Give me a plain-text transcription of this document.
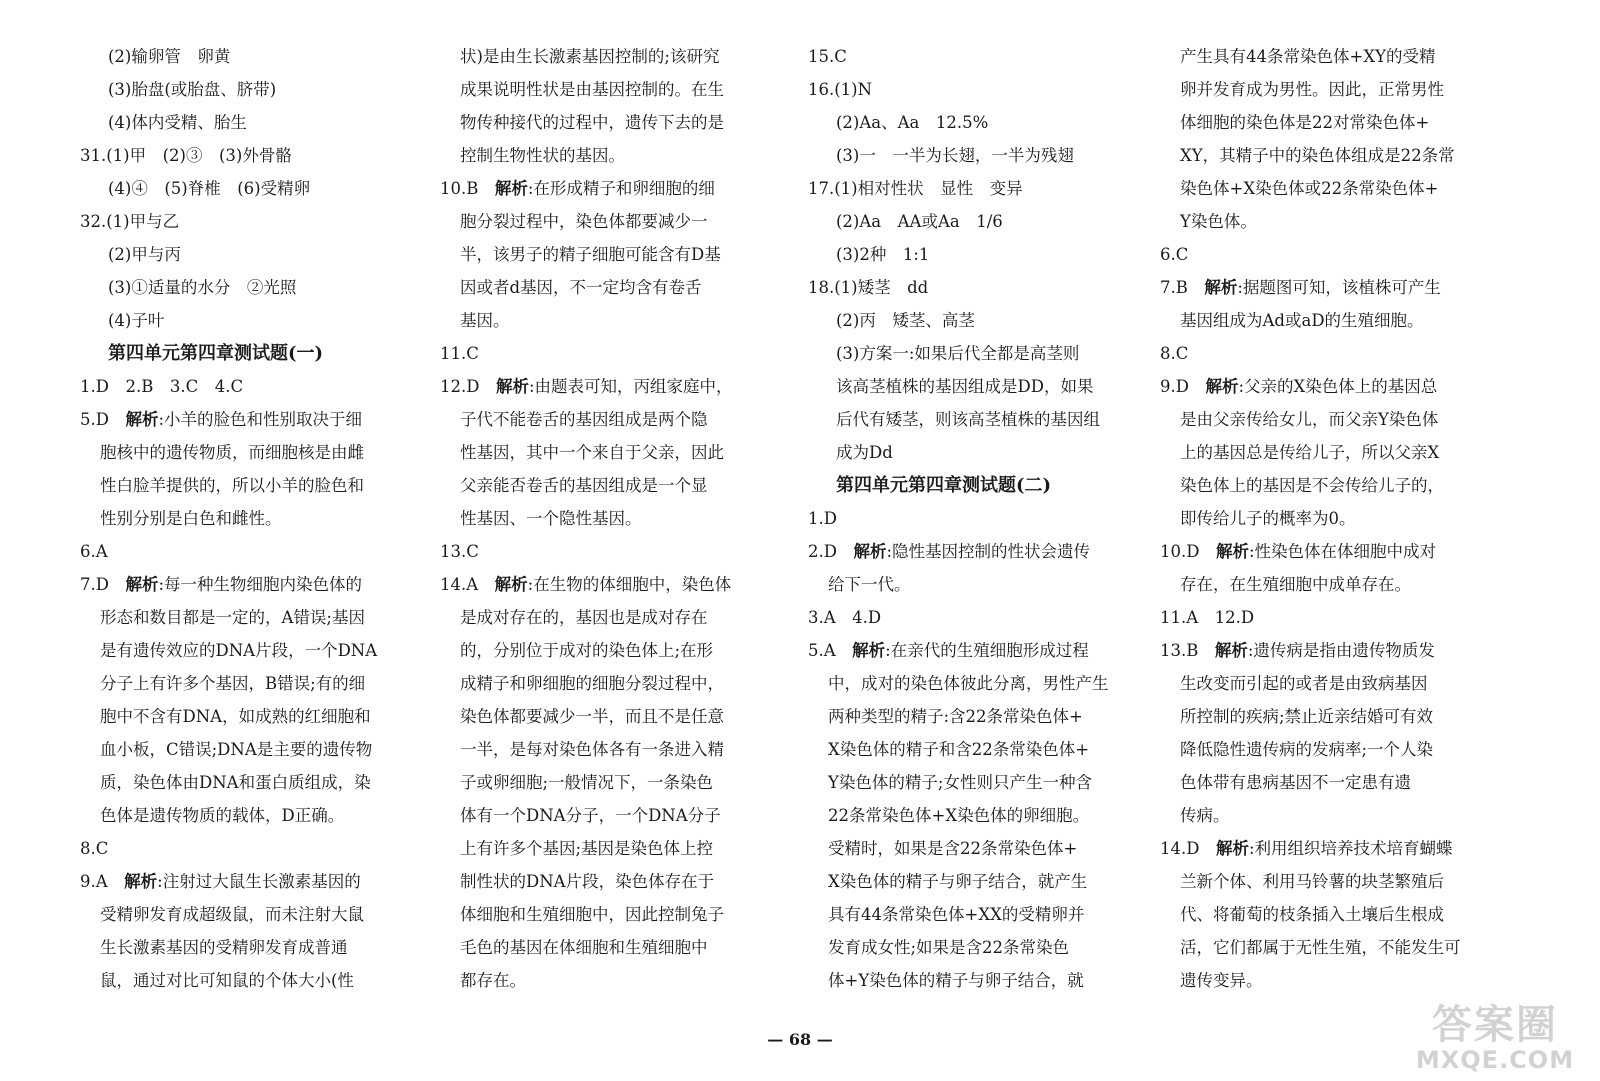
(2)输卵管　卵黄
(3)胎盘(或胎盘、脐带)
(4)体内受精、胎生
31.(1)甲　(2)③　(3)外骨骼
(4)④　(5)脊椎　(6)受精卵
32.(1)甲与乙
(2)甲与丙
(3)①适量的水分　②光照
(4)子叶
第四单元第四章测试题(一)
1.D　2.B　3.C　4.C
5.D　解析:小羊的脸色和性别取决于细
胞核中的遗传物质，而细胞核是由雌
性白脸羊提供的，所以小羊的脸色和
性别分别是白色和雌性。
6.A
7.D　解析:每一种生物细胞内染色体的
形态和数目都是一定的，A错误;基因
是有遗传效应的DNA片段，一个DNA
分子上有许多个基因，B错误;有的细
胞中不含有DNA，如成熟的红细胞和
血小板，C错误;DNA是主要的遗传物
质，染色体由DNA和蛋白质组成，染
色体是遗传物质的载体，D正确。
8.C
9.A　解析:注射过大鼠生长激素基因的
受精卵发育成超级鼠，而未注射大鼠
生长激素基因的受精卵发育成普通
鼠，通过对比可知鼠的个体大小(性
状)是由生长激素基因控制的;该研究
成果说明性状是由基因控制的。在生
物传种接代的过程中，遗传下去的是
控制生物性状的基因。
10.B　解析:在形成精子和卵细胞的细
胞分裂过程中，染色体都要减少一
半，该男子的精子细胞可能含有D基
因或者d基因，不一定均含有卷舌
基因。
11.C
12.D　解析:由题表可知，丙组家庭中，
子代不能卷舌的基因组成是两个隐
性基因，其中一个来自于父亲，因此
父亲能否卷舌的基因组成是一个显
性基因、一个隐性基因。
13.C
14.A　解析:在生物的体细胞中，染色体
是成对存在的，基因也是成对存在
的，分别位于成对的染色体上;在形
成精子和卵细胞的细胞分裂过程中，
染色体都要减少一半，而且不是任意
一半，是每对染色体各有一条进入精
子或卵细胞;一般情况下，一条染色
体有一个DNA分子，一个DNA分子
上有许多个基因;基因是染色体上控
制性状的DNA片段，染色体存在于
体细胞和生殖细胞中，因此控制兔子
毛色的基因在体细胞和生殖细胞中
都存在。
15.C
16.(1)N
(2)Aa、Aa　12.5%
(3)一　一半为长翅，一半为残翅
17.(1)相对性状　显性　变异
(2)Aa　AA或Aa　1/6
(3)2种　1:1
18.(1)矮茎　dd
(2)丙　矮茎、高茎
(3)方案一:如果后代全都是高茎则
该高茎植株的基因组成是DD，如果
后代有矮茎，则该高茎植株的基因组
成为Dd
第四单元第四章测试题(二)
1.D
2.D　解析:隐性基因控制的性状会遗传
给下一代。
3.A　4.D
5.A　解析:在亲代的生殖细胞形成过程
中，成对的染色体彼此分离，男性产生
两种类型的精子:含22条常染色体+
X染色体的精子和含22条常染色体+
Y染色体的精子;女性则只产生一种含
22条常染色体+X染色体的卵细胞。
受精时，如果是含22条常染色体+
X染色体的精子与卵子结合，就产生
具有44条常染色体+XX的受精卵并
发育成女性;如果是含22条常染色
体+Y染色体的精子与卵子结合，就
产生具有44条常染色体+XY的受精
卵并发育成为男性。因此，正常男性
体细胞的染色体是22对常染色体+
XY，其精子中的染色体组成是22条常
染色体+X染色体或22条常染色体+
Y染色体。
6.C
7.B　解析:据题图可知，该植株可产生
基因组成为Ad或aD的生殖细胞。
8.C
9.D　解析:父亲的X染色体上的基因总
是由父亲传给女儿，而父亲Y染色体
上的基因总是传给儿子，所以父亲X
染色体上的基因是不会传给儿子的，
即传给儿子的概率为0。
10.D　解析:性染色体在体细胞中成对
存在，在生殖细胞中成单存在。
11.A　12.D
13.B　解析:遗传病是指由遗传物质发
生改变而引起的或者是由致病基因
所控制的疾病;禁止近亲结婚可有效
降低隐性遗传病的发病率;一个人染
色体带有患病基因不一定患有遗
传病。
14.D　解析:利用组织培养技术培育蝴蝶
兰新个体、利用马铃薯的块茎繁殖后
代、将葡萄的枝条插入土壤后生根成
活，它们都属于无性生殖，不能发生可
遗传变异。
— 68 —	答案圈
MXQE.COM
